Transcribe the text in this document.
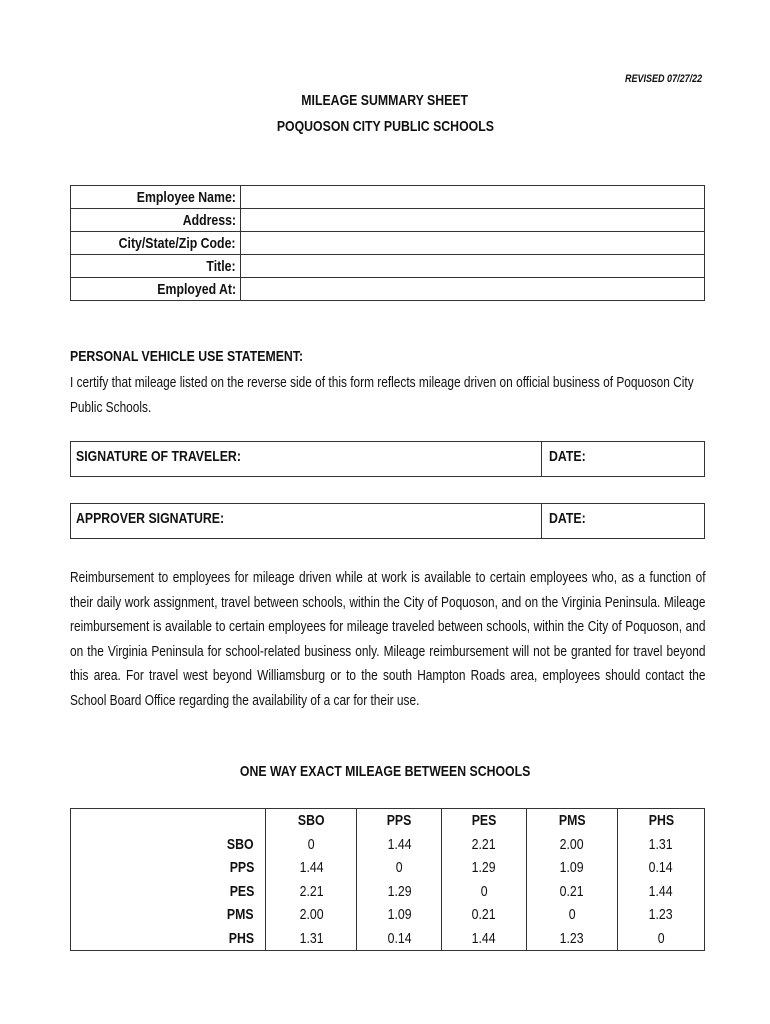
REVISED 07/27/22
MILEAGE SUMMARY SHEET
POQUOSON CITY PUBLIC SCHOOLS
Employee Name:	
Address:	
City/State/Zip Code:	
Title:	
Employed At:	
PERSONAL VEHICLE USE STATEMENT:
I certify that mileage listed on the reverse side of this form reflects mileage driven on official business of Poquoson City
Public Schools.
SIGNATURE OF TRAVELER:	DATE:
APPROVER SIGNATURE:	DATE:
Reimbursement to employees for mileage driven while at work is available to certain employees who, as a function of their daily work assignment, travel between schools, within the City of Poquoson, and on the Virginia Peninsula. Mileage reimbursement is available to certain employees for mileage traveled between schools, within the City of Poquoson, and on the Virginia Peninsula for school-related business only. Mileage reimbursement will not be granted for travel beyond this area. For travel west beyond Williamsburg or to the south Hampton Roads area, employees should contact the School Board Office regarding the availability of a car for their use.
ONE WAY EXACT MILEAGE BETWEEN SCHOOLS
	SBO	PPS	PES	PMS	PHS
SBO	0	1.44	2.21	2.00	1.31
PPS	1.44	0	1.29	1.09	0.14
PES	2.21	1.29	0	0.21	1.44
PMS	2.00	1.09	0.21	0	1.23
PHS	1.31	0.14	1.44	1.23	0
